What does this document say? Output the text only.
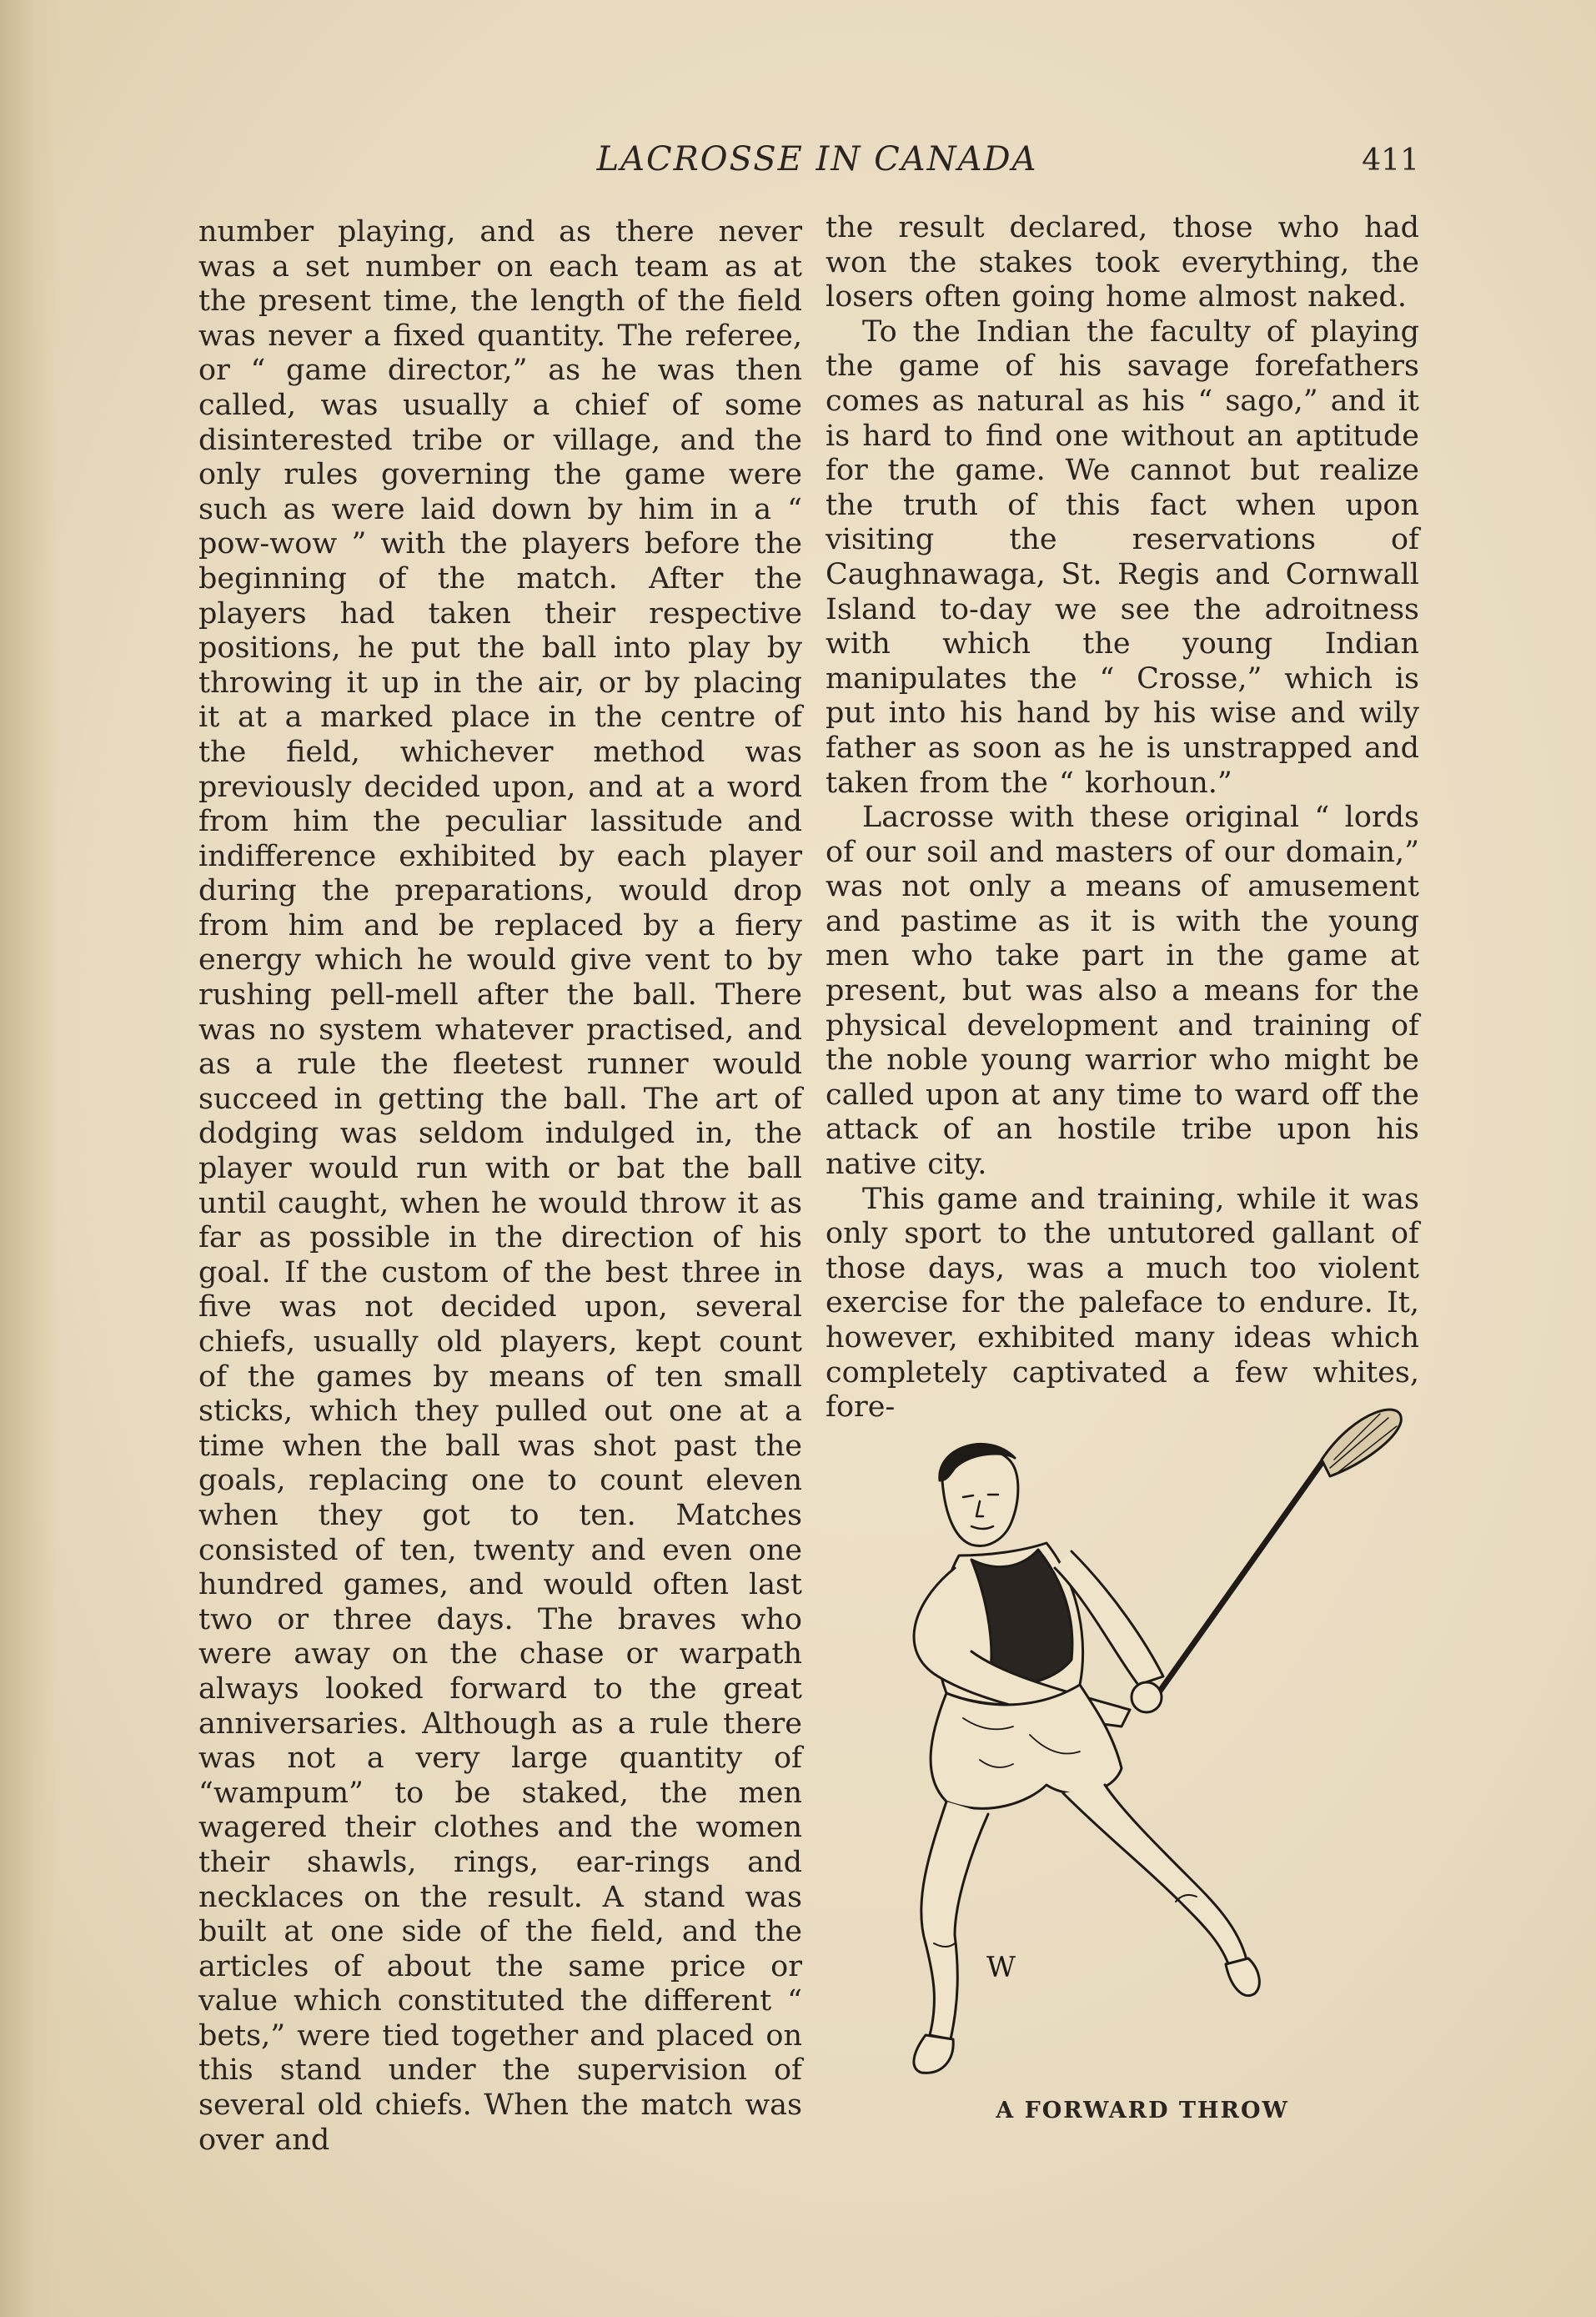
LACROSSE IN CANADA	411

number playing, and as there never was a set number on each team as at the present time, the length of the field was never a fixed quantity. The referee, or “ game director,” as he was then called, was usually a chief of some disinterested tribe or village, and the only rules governing the game were such as were laid down by him in a “ pow-wow ” with the players before the beginning of the match. After the players had taken their respective positions, he put the ball into play by throwing it up in the air, or by placing it at a marked place in the centre of the field, whichever method was previously decided upon, and at a word from him the peculiar lassitude and indifference exhibited by each player during the preparations, would drop from him and be replaced by a fiery energy which he would give vent to by rushing pell-mell after the ball. There was no system whatever practised, and as a rule the fleetest runner would succeed in getting the ball. The art of dodging was seldom indulged in, the player would run with or bat the ball until caught, when he would throw it as far as possible in the direction of his goal. If the custom of the best three in five was not decided upon, several chiefs, usually old players, kept count of the games by means of ten small sticks, which they pulled out one at a time when the ball was shot past the goals, replacing one to count eleven when they got to ten. Matches consisted of ten, twenty and even one hundred games, and would often last two or three days. The braves who were away on the chase or warpath always looked forward to the great anniversaries. Although as a rule there was not a very large quantity of “wampum” to be staked, the men wagered their clothes and the women their shawls, rings, ear-rings and necklaces on the result. A stand was built at one side of the field, and the articles of about the same price or value which constituted the different “ bets,” were tied together and placed on this stand under the supervision of several old chiefs. When the match was over and

the result declared, those who had won the stakes took everything, the losers often going home almost naked.

To the Indian the faculty of playing the game of his savage forefathers comes as natural as his “ sago,” and it is hard to find one without an aptitude for the game. We cannot but realize the truth of this fact when upon visiting the reservations of Caughnawaga, St. Regis and Cornwall Island to-day we see the adroitness with which the young Indian manipulates the “ Crosse,” which is put into his hand by his wise and wily father as soon as he is unstrapped and taken from the “ korhoun.”

Lacrosse with these original “ lords of our soil and masters of our domain,” was not only a means of amusement and pastime as it is with the young men who take part in the game at present, but was also a means for the physical development and training of the noble young warrior who might be called upon at any time to ward off the attack of an hostile tribe upon his native city.

This game and training, while it was only sport to the untutored gallant of those days, was a much too violent exercise for the paleface to endure. It, however, exhibited many ideas which completely captivated a few whites, fore-

W
A FORWARD THROW
